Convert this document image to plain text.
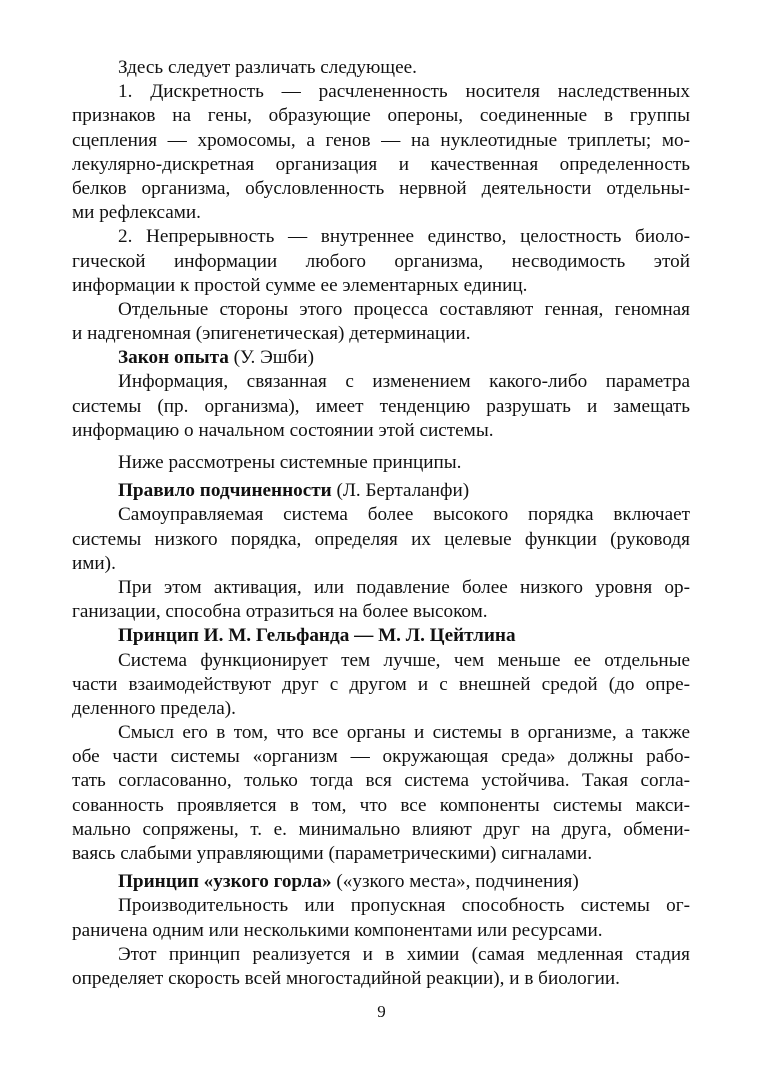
Здесь следует различать следующее.
1. Дискретность — расчлененность носителя наследственных
признаков на гены, образующие опероны, соединенные в группы
сцепления — хромосомы, а генов — на нуклеотидные триплеты; мо-
лекулярно-дискретная организация и качественная определенность
белков организма, обусловленность нервной деятельности отдельны-
ми рефлексами.
2. Непрерывность — внутреннее единство, целостность биоло-
гической информации любого организма, несводимость этой
информации к простой сумме ее элементарных единиц.
Отдельные стороны этого процесса составляют генная, геномная
и надгеномная (эпигенетическая) детерминации.
Закон опыта (У. Эшби)
Информация, связанная с изменением какого-либо параметра
системы (пр. организма), имеет тенденцию разрушать и замещать
информацию о начальном состоянии этой системы.
Ниже рассмотрены системные принципы.
Правило подчиненности (Л. Берталанфи)
Самоуправляемая система более высокого порядка включает
системы низкого порядка, определяя их целевые функции (руководя
ими).
При этом активация, или подавление более низкого уровня ор-
ганизации, способна отразиться на более высоком.
Принцип И. М. Гельфанда — М. Л. Цейтлина
Система функционирует тем лучше, чем меньше ее отдельные
части взаимодействуют друг с другом и с внешней средой (до опре-
деленного предела).
Смысл его в том, что все органы и системы в организме, а также
обе части системы «организм — окружающая среда» должны рабо-
тать согласованно, только тогда вся система устойчива. Такая согла-
сованность проявляется в том, что все компоненты системы макси-
мально сопряжены, т. е. минимально влияют друг на друга, обмени-
ваясь слабыми управляющими (параметрическими) сигналами.
Принцип «узкого горла» («узкого места», подчинения)
Производительность или пропускная способность системы ог-
раничена одним или несколькими компонентами или ресурсами.
Этот принцип реализуется и в химии (самая медленная стадия
определяет скорость всей многостадийной реакции), и в биологии.
9
